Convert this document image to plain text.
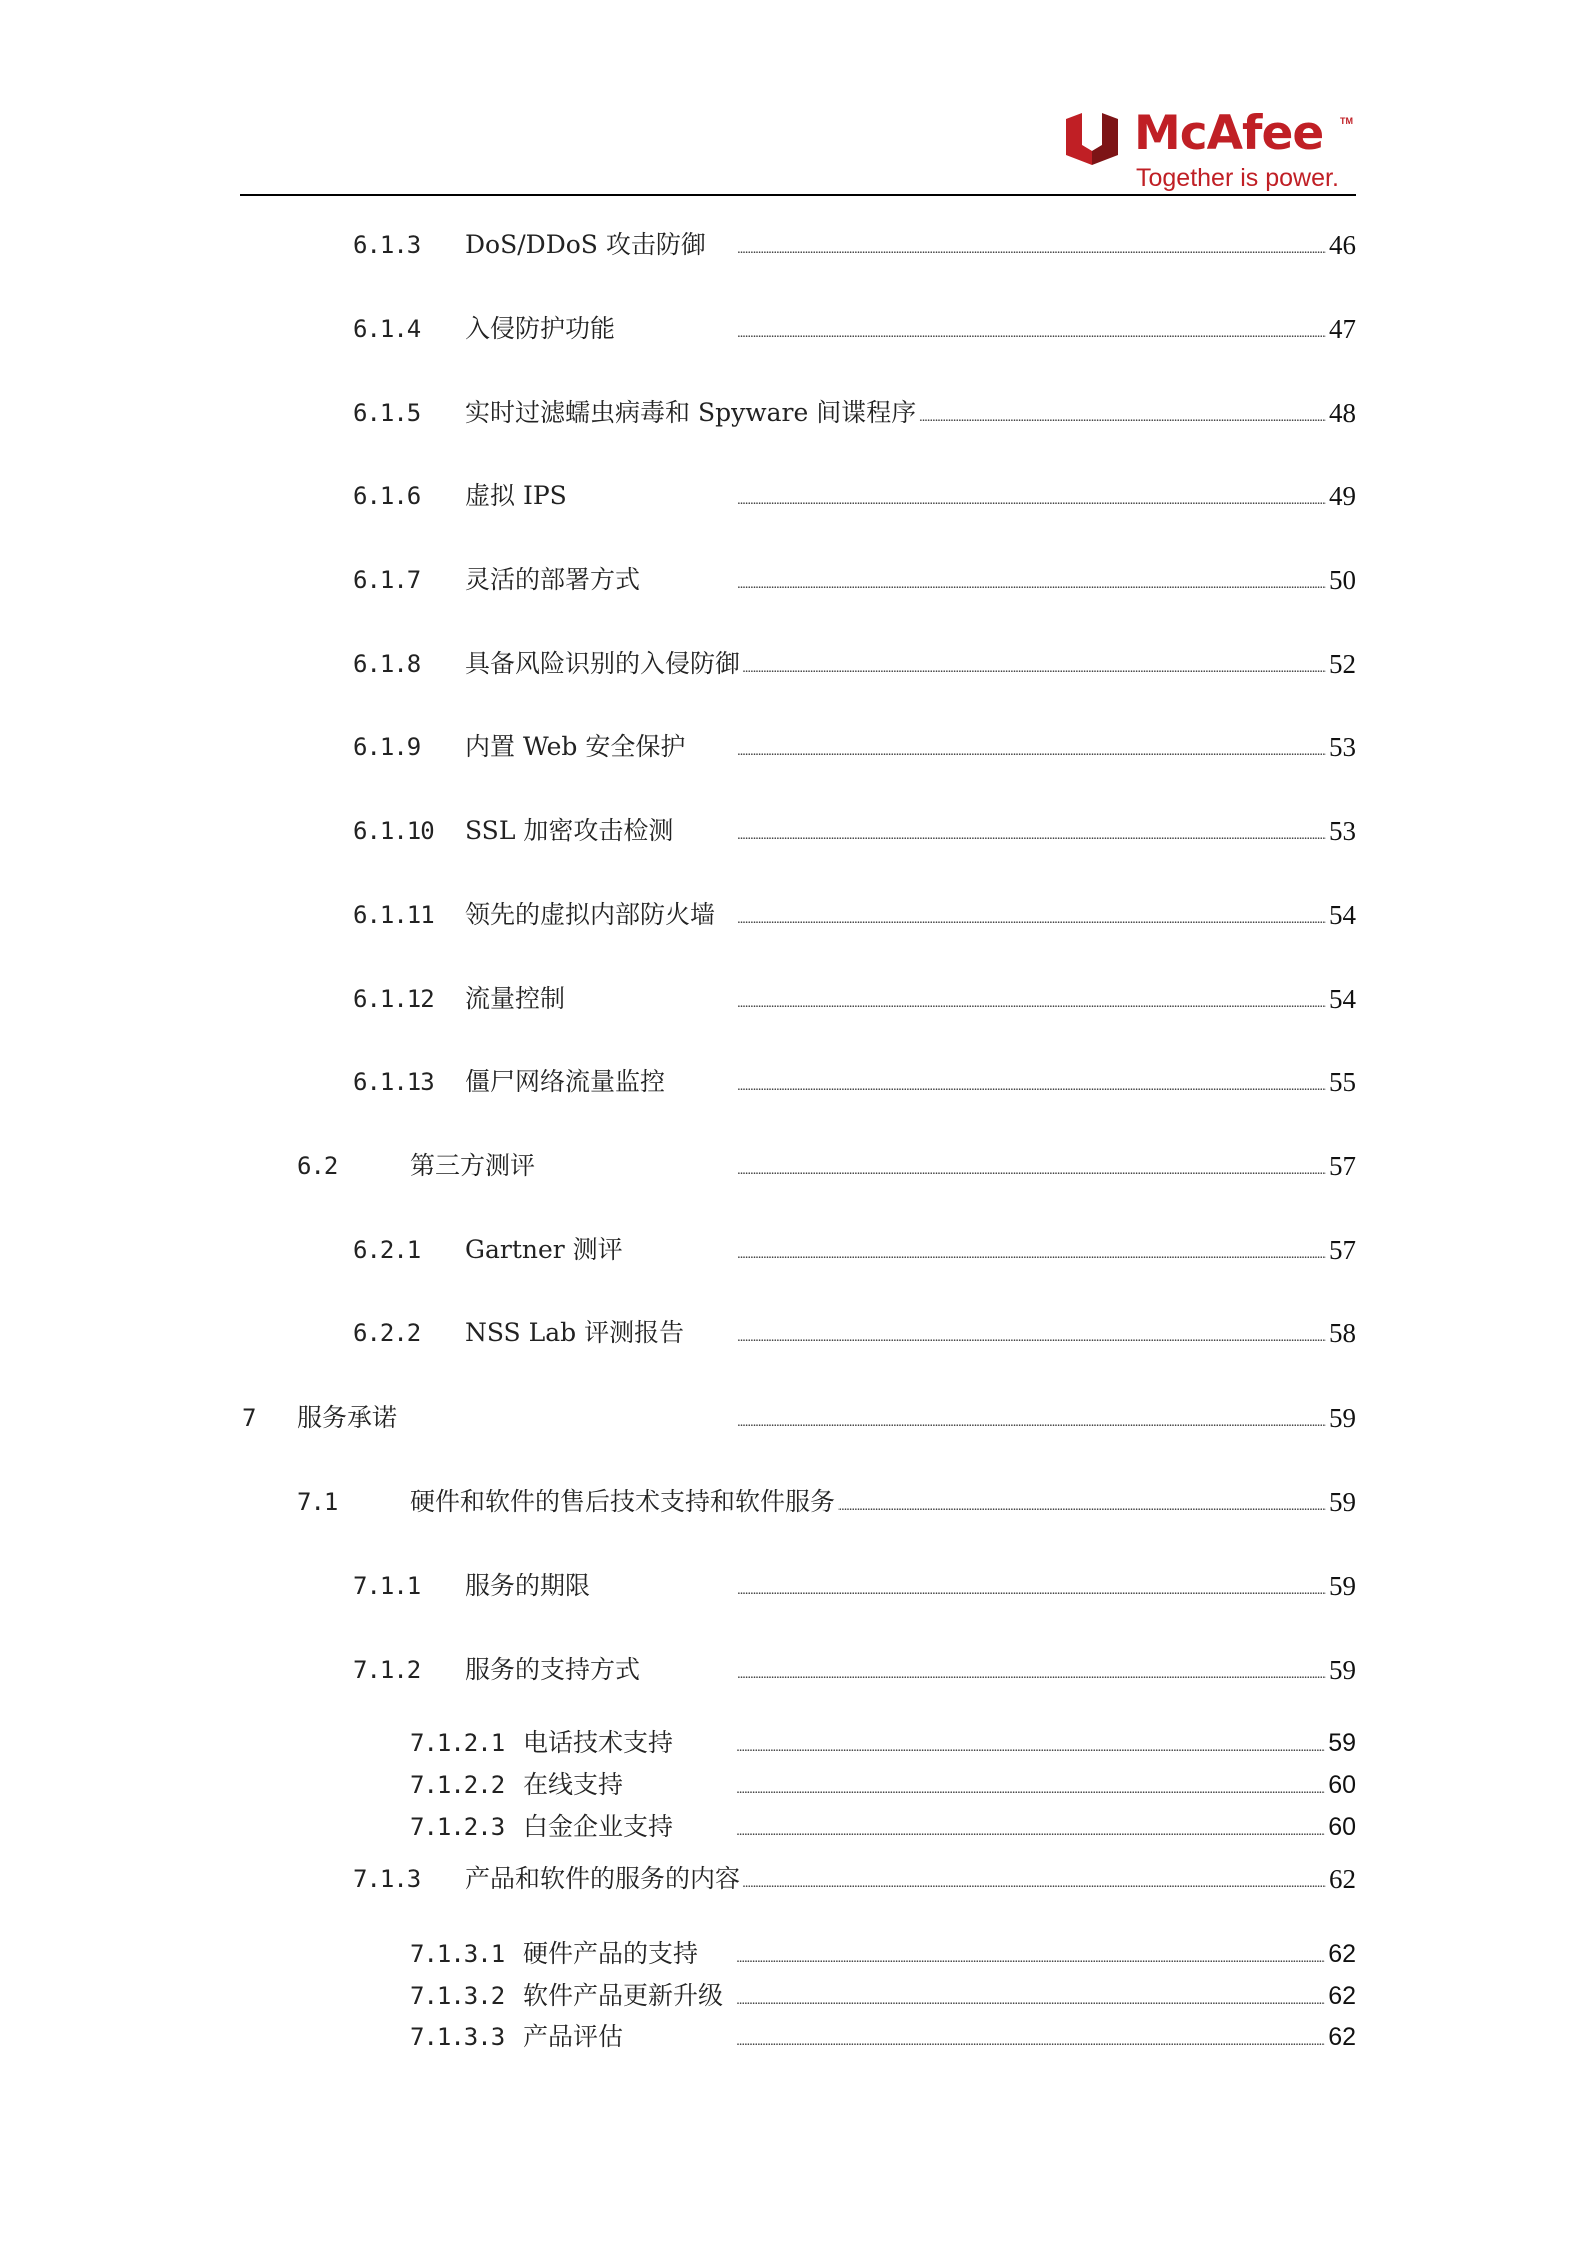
McAfee TM
Together is power.
6.1.3	DoS/DDoS 攻击防御 . . .	46
6.1.4	入侵防护功能 . . .	47
6.1.5	实时过滤蠕虫病毒和 Spyware 间谍程序 . . .	48
6.1.6	虚拟 IPS . . .	49
6.1.7	灵活的部署方式 . . .	50
6.1.8	具备风险识别的入侵防御 . . .	52
6.1.9	内置 Web 安全保护 . . .	53
6.1.10	SSL 加密攻击检测 . . .	53
6.1.11	领先的虚拟内部防火墙 . . .	54
6.1.12	流量控制 . . .	54
6.1.13	僵尸网络流量监控 . . .	55
6.2	第三方测评 . . .	57
6.2.1	Gartner 测评 . . .	57
6.2.2	NSS Lab 评测报告 . . .	58
7	服务承诺 . . .	59
7.1	硬件和软件的售后技术支持和软件服务 . . .	59
7.1.1	服务的期限 . . .	59
7.1.2	服务的支持方式 . . .	59
7.1.2.1 电话技术支持 . . .	59
7.1.2.2 在线支持 . . .	60
7.1.2.3 白金企业支持 . . .	60
7.1.3	产品和软件的服务的内容 . . .	62
7.1.3.1 硬件产品的支持 . . .	62
7.1.3.2 软件产品更新升级 . . .	62
7.1.3.3 产品评估 . . .	62
